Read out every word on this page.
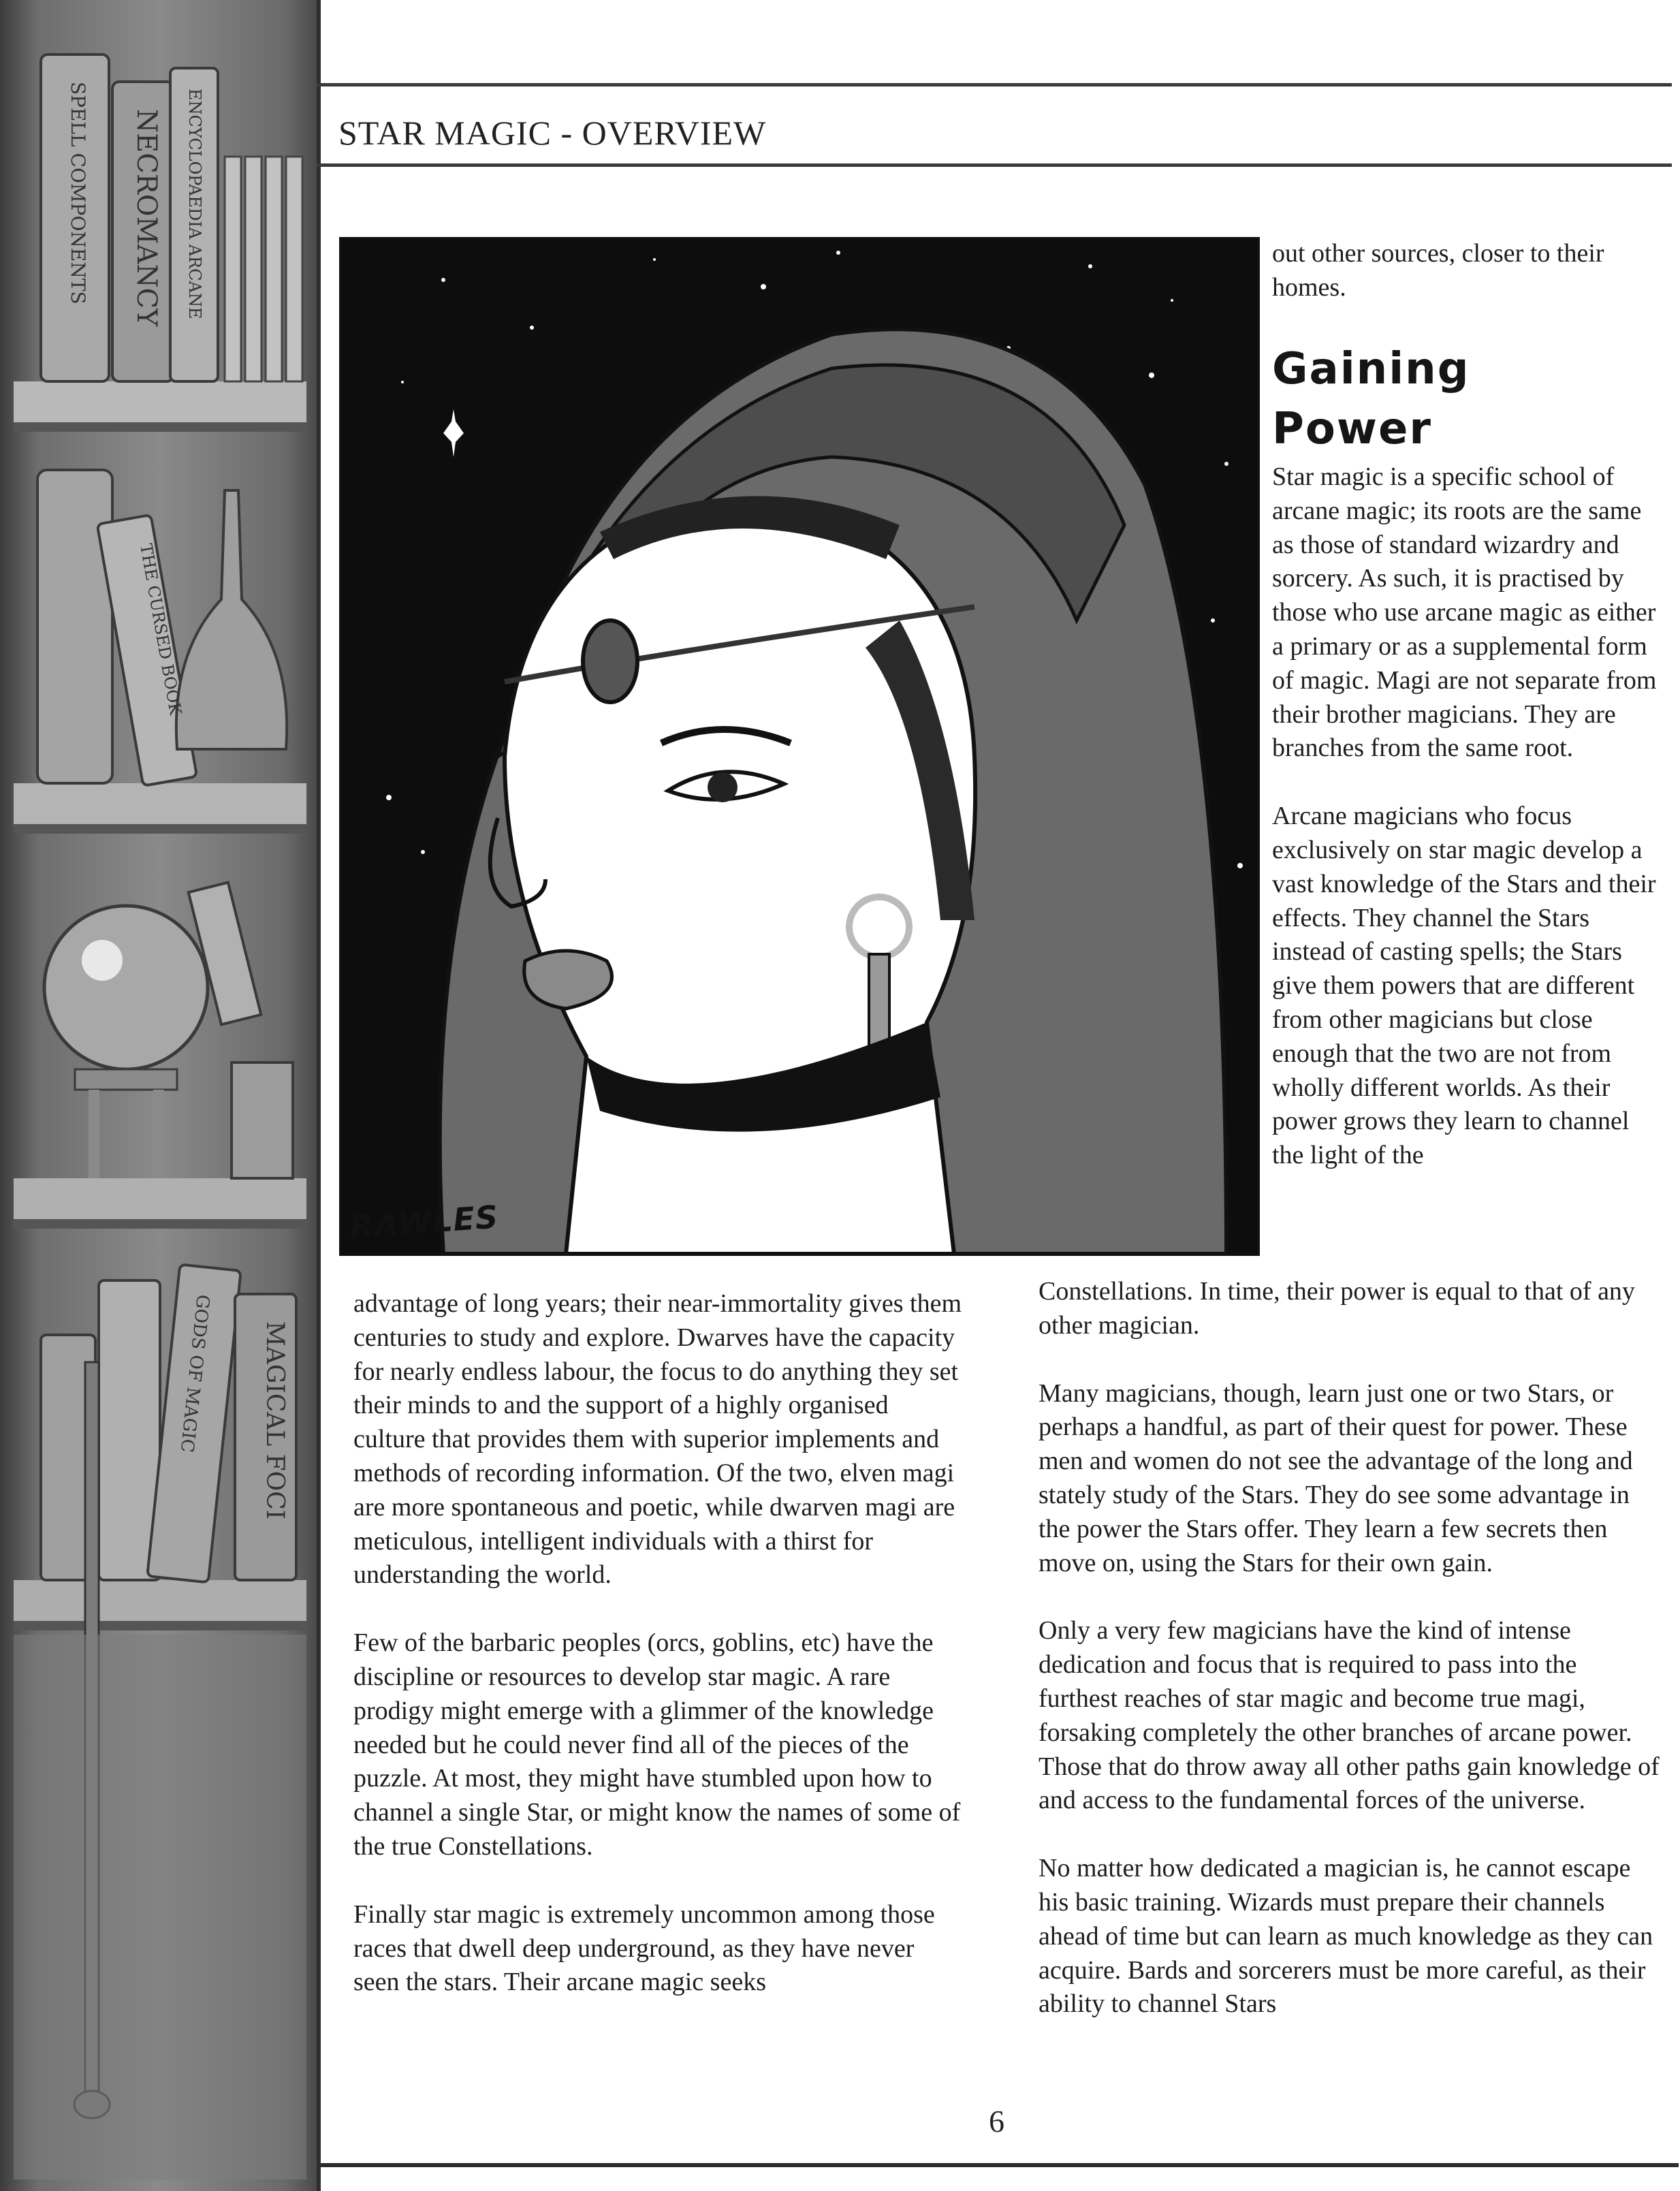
SPELL COMPONENTS NECROMANCY ENCYCLOPAEDIA ARCANE
THE CURSED BOOK
GODS OF MAGIC MAGICAL FOCI
STAR MAGIC - OVERVIEW
RAWLES

out other sources, closer to their homes.

Gaining
Power

Star magic is a specific school of arcane magic; its roots are the same as those of standard wizardry and sorcery. As such, it is practised by those who use arcane magic as either a primary or as a supplemental form of magic. Magi are not separate from their brother magicians. They are branches from the same root.

Arcane magicians who focus exclusively on star magic develop a vast knowledge of the Stars and their effects. They channel the Stars instead of casting spells; the Stars give them powers that are different from other magicians but close enough that the two are not from wholly different worlds. As their power grows they learn to channel the light of the

Constellations. In time, their power is equal to that of any other magician.

Many magicians, though, learn just one or two Stars, or perhaps a handful, as part of their quest for power. These men and women do not see the advantage of the long and stately study of the Stars. They do see some advantage in the power the Stars offer. They learn a few secrets then move on, using the Stars for their own gain.

Only a very few magicians have the kind of intense dedication and focus that is required to pass into the furthest reaches of star magic and become true magi, forsaking completely the other branches of arcane power. Those that do throw away all other paths gain knowledge of and access to the fundamental forces of the universe.

No matter how dedicated a magician is, he cannot escape his basic training. Wizards must prepare their channels ahead of time but can learn as much knowledge as they can acquire. Bards and sorcerers must be more careful, as their ability to channel Stars

advantage of long years; their near-immortality gives them centuries to study and explore. Dwarves have the capacity for nearly endless labour, the focus to do anything they set their minds to and the support of a highly organised culture that provides them with superior implements and methods of recording information. Of the two, elven magi are more spontaneous and poetic, while dwarven magi are meticulous, intelligent individuals with a thirst for understanding the world.

Few of the barbaric peoples (orcs, goblins, etc) have the discipline or resources to develop star magic. A rare prodigy might emerge with a glimmer of the knowledge needed but he could never find all of the pieces of the puzzle. At most, they might have stumbled upon how to channel a single Star, or might know the names of some of the true Constellations.

Finally star magic is extremely uncommon among those races that dwell deep underground, as they have never seen the stars. Their arcane magic seeks

6
